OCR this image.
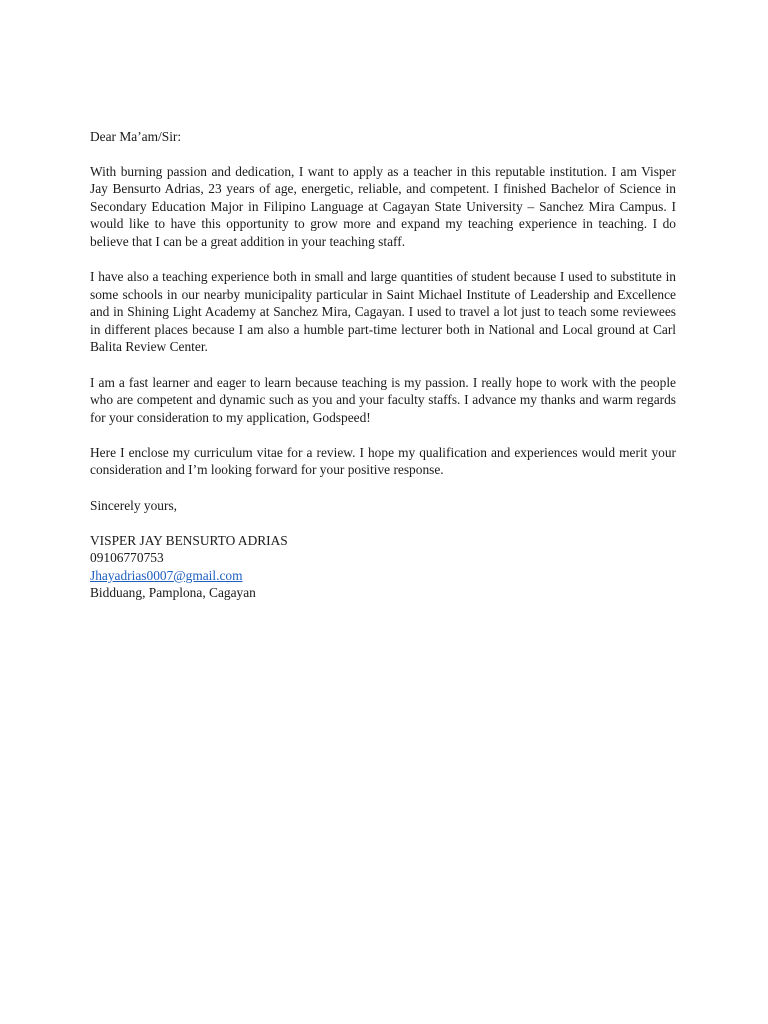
Dear Ma’am/Sir:

With burning passion and dedication, I want to apply as a teacher in this reputable institution. I am Visper Jay Bensurto Adrias, 23 years of age, energetic, reliable, and competent. I finished Bachelor of Science in Secondary Education Major in Filipino Language at Cagayan State University – Sanchez Mira Campus. I would like to have this opportunity to grow more and expand my teaching experience in teaching. I do believe that I can be a great addition in your teaching staff.

I have also a teaching experience both in small and large quantities of student because I used to substitute in some schools in our nearby municipality particular in Saint Michael Institute of Leadership and Excellence and in Shining Light Academy at Sanchez Mira, Cagayan. I used to travel a lot just to teach some reviewees in different places because I am also a humble part-time lecturer both in National and Local ground at Carl Balita Review Center.

I am a fast learner and eager to learn because teaching is my passion. I really hope to work with the people who are competent and dynamic such as you and your faculty staffs. I advance my thanks and warm regards for your consideration to my application, Godspeed!

Here I enclose my curriculum vitae for a review. I hope my qualification and experiences would merit your consideration and I’m looking forward for your positive response.

Sincerely yours,

VISPER JAY BENSURTO ADRIAS
09106770753
Jhayadrias0007@gmail.com
Bidduang, Pamplona, Cagayan
